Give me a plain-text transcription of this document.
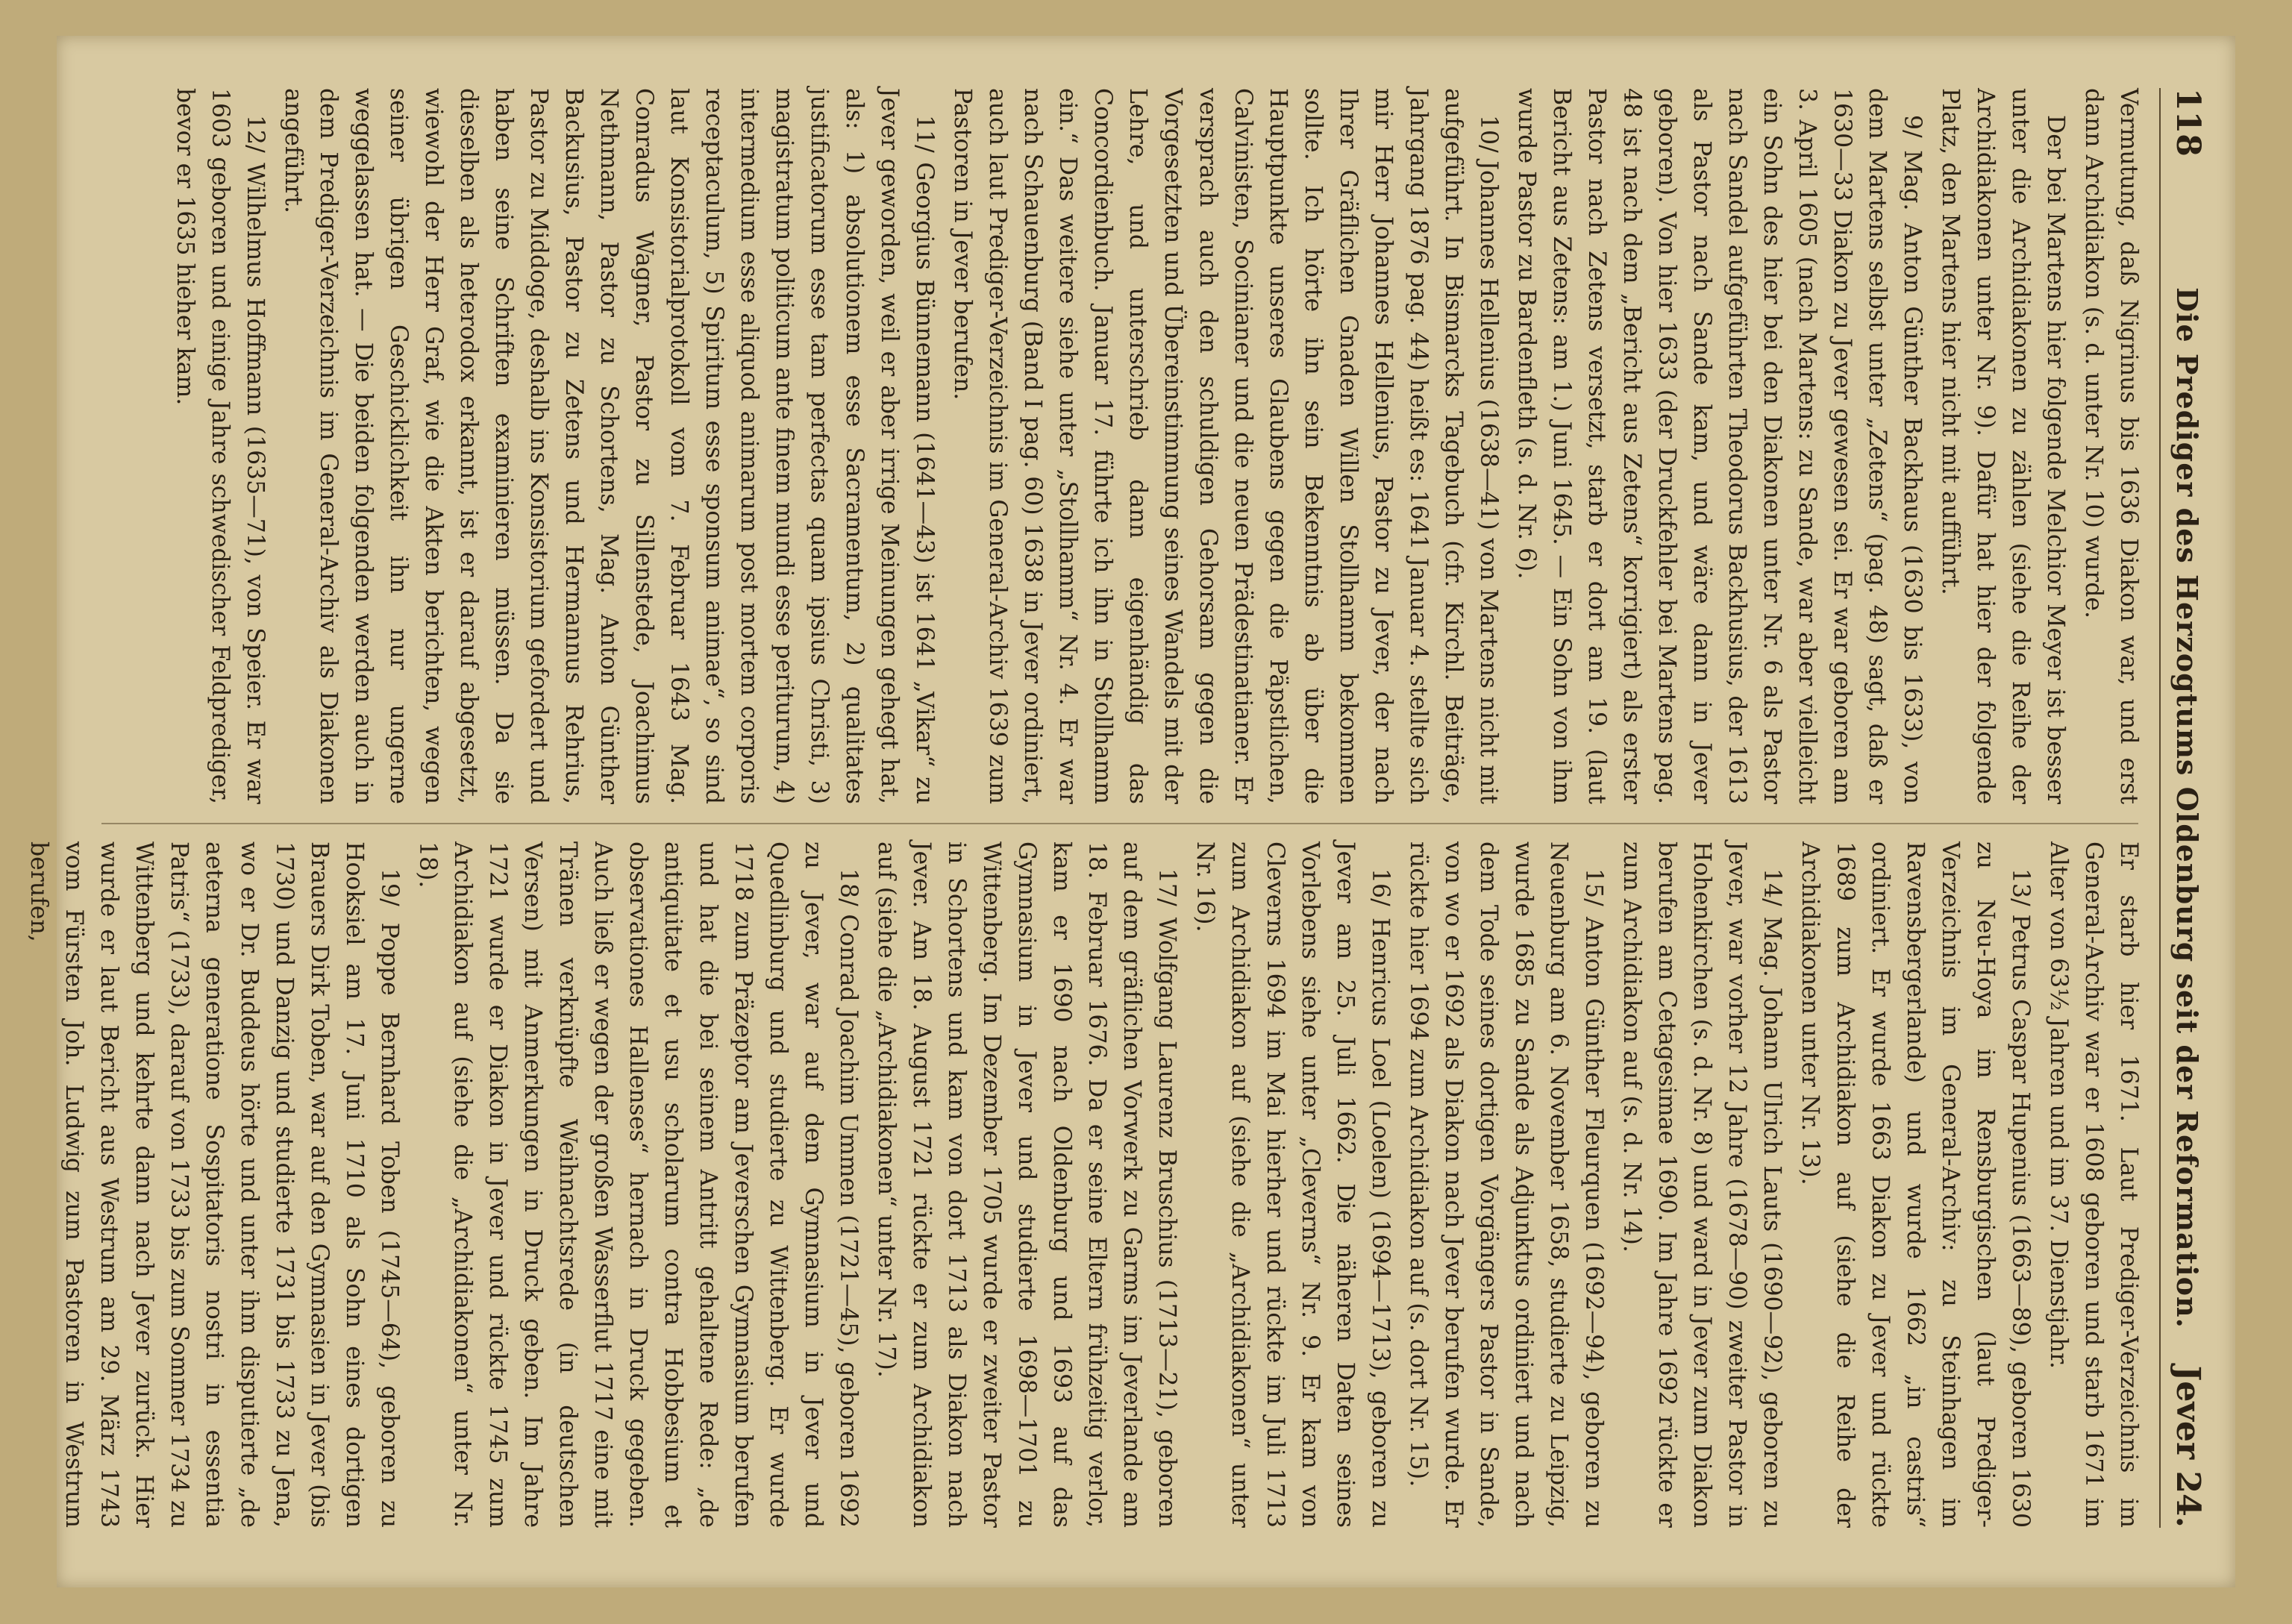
118
Die Prediger des Herzogtums Oldenburg seit der Reformation.
Jever 24.

Vermutung, daß Nigrinus bis 1636 Diakon war, und erst dann Archidiakon (s. d. unter Nr. 10) wurde.

Der bei Martens hier folgende Melchior Meyer ist besser unter die Archidiakonen zu zählen (siehe die Reihe der Archidiakonen unter Nr. 9). Dafür hat hier der folgende Platz, den Martens hier nicht mit aufführt.

9/ Mag. Anton Günther Backhaus (1630 bis 1633), von dem Martens selbst unter „Zetens“ (pag. 48) sagt, daß er 1630—33 Diakon zu Jever gewesen sei. Er war geboren am 3. April 1605 (nach Martens: zu Sande, war aber vielleicht ein Sohn des hier bei den Diakonen unter Nr. 6 als Pastor nach Sandel aufgeführten Theodorus Backhusius, der 1613 als Pastor nach Sande kam, und wäre dann in Jever geboren). Von hier 1633 (der Druckfehler bei Martens pag. 48 ist nach dem „Bericht aus Zetens“ korrigiert) als erster Pastor nach Zetens versetzt, starb er dort am 19. (laut Bericht aus Zetens: am 1.) Juni 1645. — Ein Sohn von ihm wurde Pastor zu Bardenfleth (s. d. Nr. 6).

10/ Johannes Hellenius (1638—41) von Martens nicht mit aufgeführt. In Bismarcks Tagebuch (cfr. Kirchl. Beiträge, Jahrgang 1876 pag. 44) heißt es: 1641 Januar 4. stellte sich mir Herr Johannes Hellenius, Pastor zu Jever, der nach Ihrer Gräflichen Gnaden Willen Stollhamm bekommen sollte. Ich hörte ihn sein Bekenntnis ab über die Hauptpunkte unseres Glaubens gegen die Päpstlichen, Calvinisten, Socinianer und die neuen Prädestinatianer. Er versprach auch den schuldigen Gehorsam gegen die Vorgesetzten und Übereinstimmung seines Wandels mit der Lehre, und unterschrieb dann eigenhändig das Concordienbuch. Januar 17. führte ich ihn in Stollhamm ein.“ Das weitere siehe unter „Stollhamm“ Nr. 4. Er war nach Schauenburg (Band I pag. 60) 1638 in Jever ordiniert, auch laut Prediger-Verzeichnis im General-Archiv 1639 zum Pastoren in Jever berufen.

11/ Georgius Bünnemann (1641—43) ist 1641 „Vikar“ zu Jever geworden, weil er aber irrige Meinungen gehegt hat, als: 1) absolutionem esse Sacramentum, 2) qualitates justificatorum esse tam perfectas quam ipsius Christi, 3) magistratum politicum ante finem mundi esse periturum, 4) intermedium esse aliquod animarum post mortem corporis receptaculum, 5) Spiritum esse sponsum animae“, so sind laut Konsistorialprotokoll vom 7. Februar 1643 Mag. Conradus Wagner, Pastor zu Sillenstede, Joachimus Nethmann, Pastor zu Schortens, Mag. Anton Günther Backusius, Pastor zu Zetens und Hermannus Rehrius, Pastor zu Middoge, deshalb ins Konsistorium gefordert und haben seine Schriften examinieren müssen. Da sie dieselben als heterodox erkannt, ist er darauf abgesetzt, wiewohl der Herr Graf, wie die Akten berichten, wegen seiner übrigen Geschicklichkeit ihn nur ungerne weggelassen hat. — Die beiden folgenden werden auch in dem Prediger-Verzeichnis im General-Archiv als Diakonen angeführt.

12/ Wilhelmus Hoffmann (1635—71), von Speier. Er war 1603 geboren und einige Jahre schwedischer Feldprediger, bevor er 1635 hieher kam.

Er starb hier 1671. Laut Prediger-Verzeichnis im General-Archiv war er 1608 geboren und starb 1671 im Alter von 63½ Jahren und im 37. Dienstjahr.

13/ Petrus Caspar Hupenius (1663—89), geboren 1630 zu Neu-Hoya im Rensburgischen (laut Prediger-Verzeichnis im General-Archiv: zu Steinhagen im Ravensbergerlande) und wurde 1662 „in castris“ ordiniert. Er wurde 1663 Diakon zu Jever und rückte 1689 zum Archidiakon auf (siehe die Reihe der Archidiakonen unter Nr. 13).

14/ Mag. Johann Ulrich Lauts (1690—92), geboren zu Jever, war vorher 12 Jahre (1678—90) zweiter Pastor in Hohenkirchen (s. d. Nr. 8) und ward in Jever zum Diakon berufen am Cetagesimae 1690. Im Jahre 1692 rückte er zum Archidiakon auf (s. d. Nr. 14).

15/ Anton Günther Fleurquen (1692—94), geboren zu Neuenburg am 6. November 1658, studierte zu Leipzig, wurde 1685 zu Sande als Adjunktus ordiniert und nach dem Tode seines dortigen Vorgängers Pastor in Sande, von wo er 1692 als Diakon nach Jever berufen wurde. Er rückte hier 1694 zum Archidiakon auf (s. dort Nr. 15).

16/ Henricus Loel (Loelen) (1694—1713), geboren zu Jever am 25. Juli 1662. Die näheren Daten seines Vorlebens siehe unter „Cleverns“ Nr. 9. Er kam von Cleverns 1694 im Mai hierher und rückte im Juli 1713 zum Archidiakon auf (siehe die „Archidiakonen“ unter Nr. 16).

17/ Wolfgang Laurenz Bruschius (1713—21), geboren auf dem gräflichen Vorwerk zu Garms im Jeverlande am 18. Februar 1676. Da er seine Eltern frühzeitig verlor, kam er 1690 nach Oldenburg und 1693 auf das Gymnasium in Jever und studierte 1698—1701 zu Wittenberg. Im Dezember 1705 wurde er zweiter Pastor in Schortens und kam von dort 1713 als Diakon nach Jever. Am 18. August 1721 rückte er zum Archidiakon auf (siehe die „Archidiakonen“ unter Nr. 17).

18/ Conrad Joachim Ummen (1721—45), geboren 1692 zu Jever, war auf dem Gymnasium in Jever und Quedlinburg und studierte zu Wittenberg. Er wurde 1718 zum Präzeptor am Jeverschen Gymnasium berufen und hat die bei seinem Antritt gehaltene Rede: „de antiquitate et usu scholarum contra Hobbesium et observationes Hallenses“ hernach in Druck gegeben. Auch ließ er wegen der großen Wasserflut 1717 eine mit Tränen verknüpfte Weihnachtsrede (in deutschen Versen) mit Anmerkungen in Druck geben. Im Jahre 1721 wurde er Diakon in Jever und rückte 1745 zum Archidiakon auf (siehe die „Archidiakonen“ unter Nr. 18).

19/ Poppe Bernhard Toben (1745—64), geboren zu Hooksiel am 17. Juni 1710 als Sohn eines dortigen Brauers Dirk Toben, war auf den Gymnasien in Jever (bis 1730) und Danzig und studierte 1731 bis 1733 zu Jena, wo er Dr. Buddeus hörte und unter ihm disputierte „de aeterna generatione Sospitatoris nostri in essentia Patris“ (1733), darauf von 1733 bis zum Sommer 1734 zu Wittenberg und kehrte dann nach Jever zurück. Hier wurde er laut Bericht aus Westrum am 29. März 1743 vom Fürsten Joh. Ludwig zum Pastoren in Westrum berufen,
